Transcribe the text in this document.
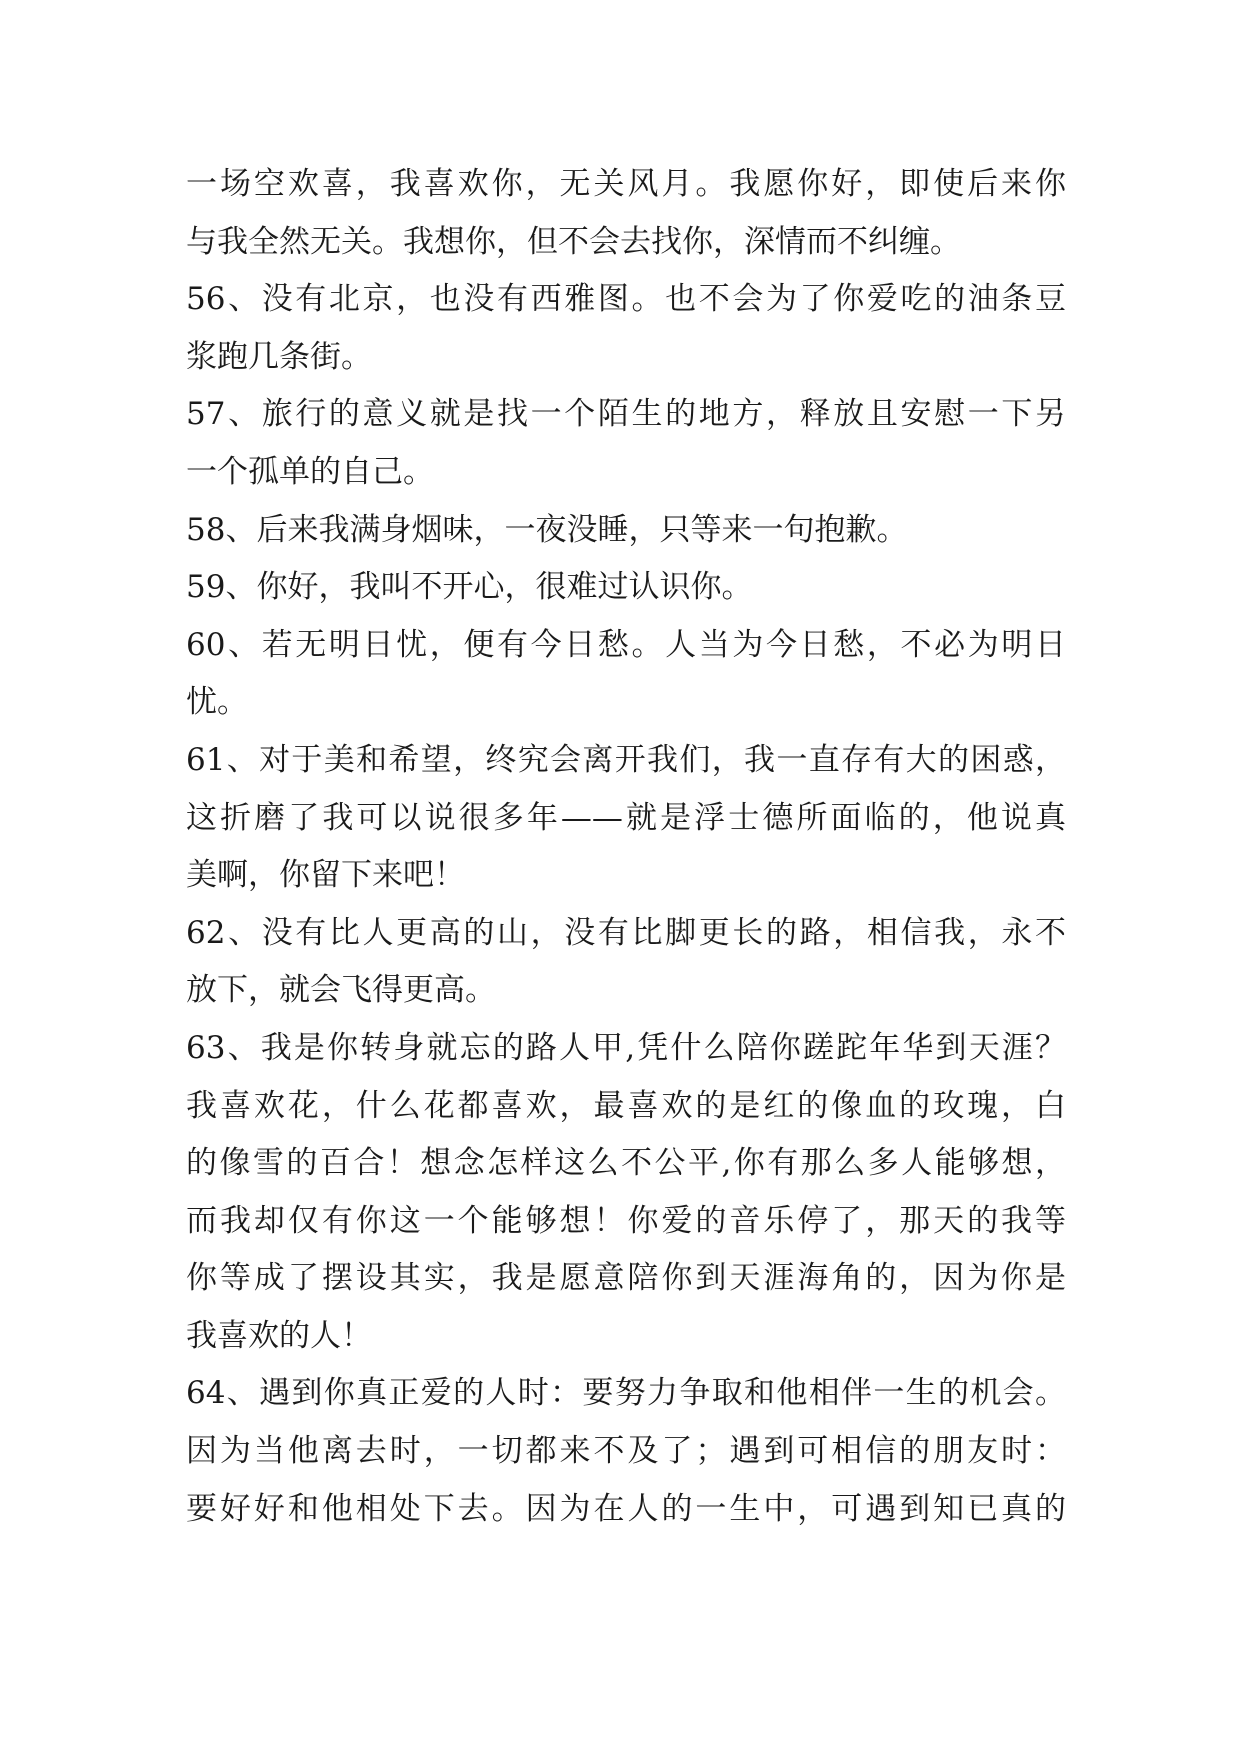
一场空欢喜，我喜欢你，无关风月。我愿你好，即使后来你
与我全然无关。我想你，但不会去找你，深情而不纠缠。
56、没有北京，也没有西雅图。也不会为了你爱吃的油条豆
浆跑几条街。
57、旅行的意义就是找一个陌生的地方，释放且安慰一下另
一个孤单的自己。
58、后来我满身烟味，一夜没睡，只等来一句抱歉。
59、你好，我叫不开心，很难过认识你。
60、若无明日忧，便有今日愁。人当为今日愁，不必为明日
忧。
61、对于美和希望，终究会离开我们，我一直存有大的困惑，
这折磨了我可以说很多年——就是浮士德所面临的，他说真
美啊，你留下来吧！
62、没有比人更高的山，没有比脚更长的路，相信我，永不
放下，就会飞得更高。
63、我是你转身就忘的路人甲,凭什么陪你蹉跎年华到天涯？
我喜欢花，什么花都喜欢，最喜欢的是红的像血的玫瑰，白
的像雪的百合！想念怎样这么不公平,你有那么多人能够想，
而我却仅有你这一个能够想！你爱的音乐停了，那天的我等
你等成了摆设其实，我是愿意陪你到天涯海角的，因为你是
我喜欢的人！
64、遇到你真正爱的人时：要努力争取和他相伴一生的机会。
因为当他离去时，一切都来不及了；遇到可相信的朋友时：
要好好和他相处下去。因为在人的一生中，可遇到知已真的
